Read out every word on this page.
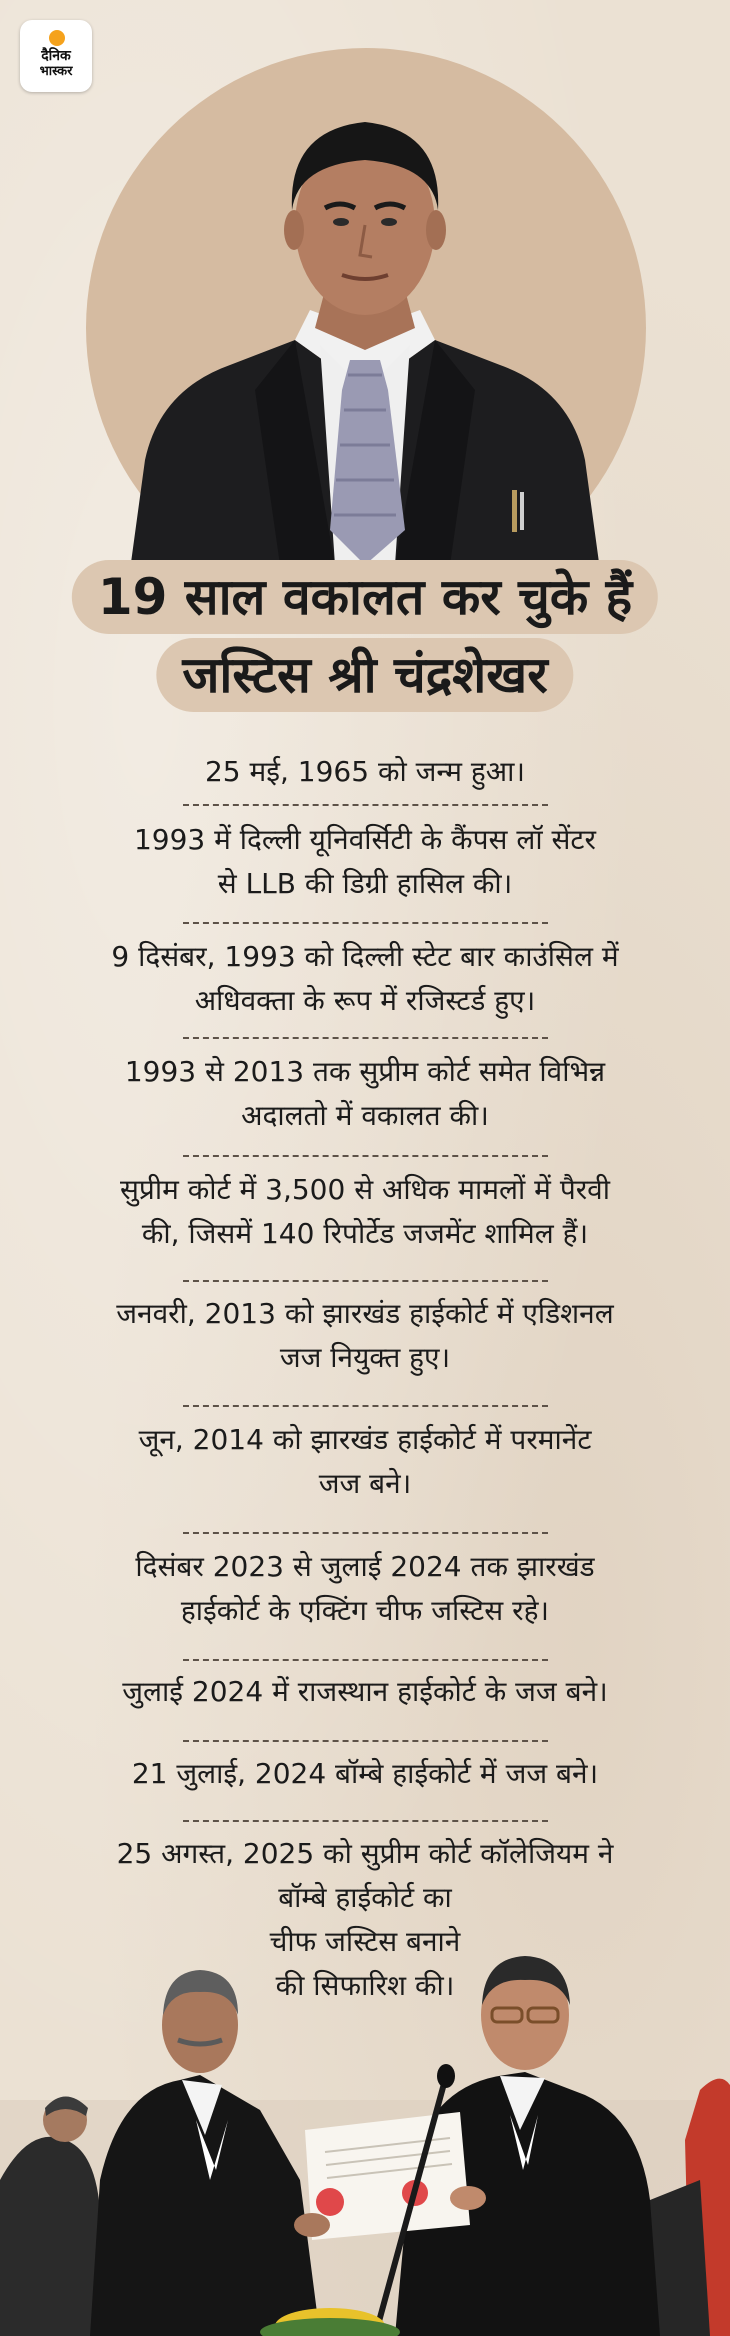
दैनिक
भास्कर
19 साल वकालत कर चुके हैं
जस्टिस श्री चंद्रशेखर
25 मई, 1965 को जन्म हुआ।
1993 में दिल्ली यूनिवर्सिटी के कैंपस लॉ सेंटर
से LLB की डिग्री हासिल की।
9 दिसंबर, 1993 को दिल्ली स्टेट बार काउंसिल में
अधिवक्ता के रूप में रजिस्टर्ड हुए।
1993 से 2013 तक सुप्रीम कोर्ट समेत विभिन्न
अदालतो में वकालत की।
सुप्रीम कोर्ट में 3,500 से अधिक मामलों में पैरवी
की, जिसमें 140 रिपोर्टेड जजमेंट शामिल हैं।
जनवरी, 2013 को झारखंड हाईकोर्ट में एडिशनल
जज नियुक्त हुए।
जून, 2014 को झारखंड हाईकोर्ट में परमानेंट
जज बने।
दिसंबर 2023 से जुलाई 2024 तक झारखंड
हाईकोर्ट के एक्टिंग चीफ जस्टिस रहे।
जुलाई 2024 में राजस्थान हाईकोर्ट के जज बने।
21 जुलाई, 2024 बॉम्बे हाईकोर्ट में जज बने।
25 अगस्त, 2025 को सुप्रीम कोर्ट कॉलेजियम ने
बॉम्बे हाईकोर्ट का
चीफ जस्टिस बनाने
की सिफारिश की।
